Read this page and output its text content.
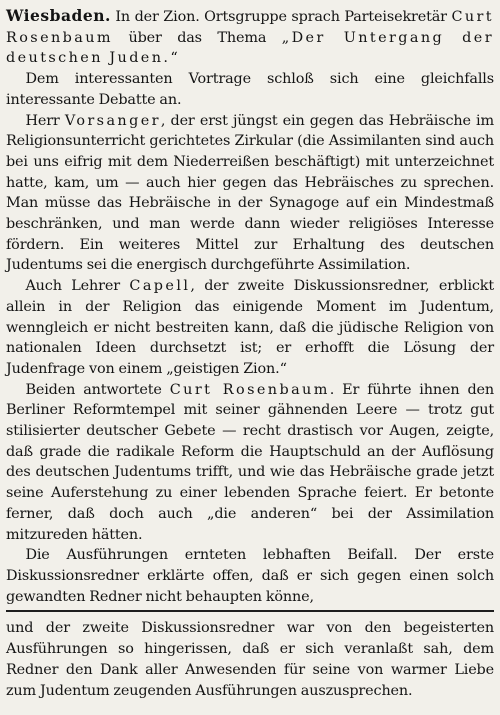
Wiesbaden. In der Zion. Ortsgruppe sprach Parteisekretär Curt Rosenbaum über das Thema „Der Untergang der deutschen Juden.“

Dem interessanten Vortrage schloß sich eine gleichfalls interessante Debatte an.

Herr Vorsanger, der erst jüngst ein gegen das Hebräische im Religionsunterricht gerichtetes Zirkular (die Assimilanten sind auch bei uns eifrig mit dem Niederreißen beschäftigt) mit unterzeichnet hatte, kam, um — auch hier gegen das Hebräisches zu sprechen. Man müsse das Hebräische in der Synagoge auf ein Mindestmaß beschränken, und man werde dann wieder religiöses Interesse fördern. Ein weiteres Mittel zur Erhaltung des deutschen Judentums sei die energisch durchgeführte Assimilation.

Auch Lehrer Capell, der zweite Diskussionsredner, erblickt allein in der Religion das einigende Moment im Judentum, wenngleich er nicht bestreiten kann, daß die jüdische Religion von nationalen Ideen durchsetzt ist; er erhofft die Lösung der Judenfrage von einem „geistigen Zion.“

Beiden antwortete Curt Rosenbaum. Er führte ihnen den Berliner Reformtempel mit seiner gähnenden Leere — trotz gut stilisierter deutscher Gebete — recht drastisch vor Augen, zeigte, daß grade die radikale Reform die Hauptschuld an der Auflösung des deutschen Judentums trifft, und wie das Hebräische grade jetzt seine Auferstehung zu einer lebenden Sprache feiert. Er betonte ferner, daß doch auch „die anderen“ bei der Assimilation mitzureden hätten.

Die Ausführungen ernteten lebhaften Beifall. Der erste Diskussionsredner erklärte offen, daß er sich gegen einen solch gewandten Redner nicht behaupten könne,

und der zweite Diskussionsredner war von den begeisterten Ausführungen so hingerissen, daß er sich veranlaßt sah, dem Redner den Dank aller Anwesenden für seine von warmer Liebe zum Judentum zeugenden Ausführungen auszusprechen.
